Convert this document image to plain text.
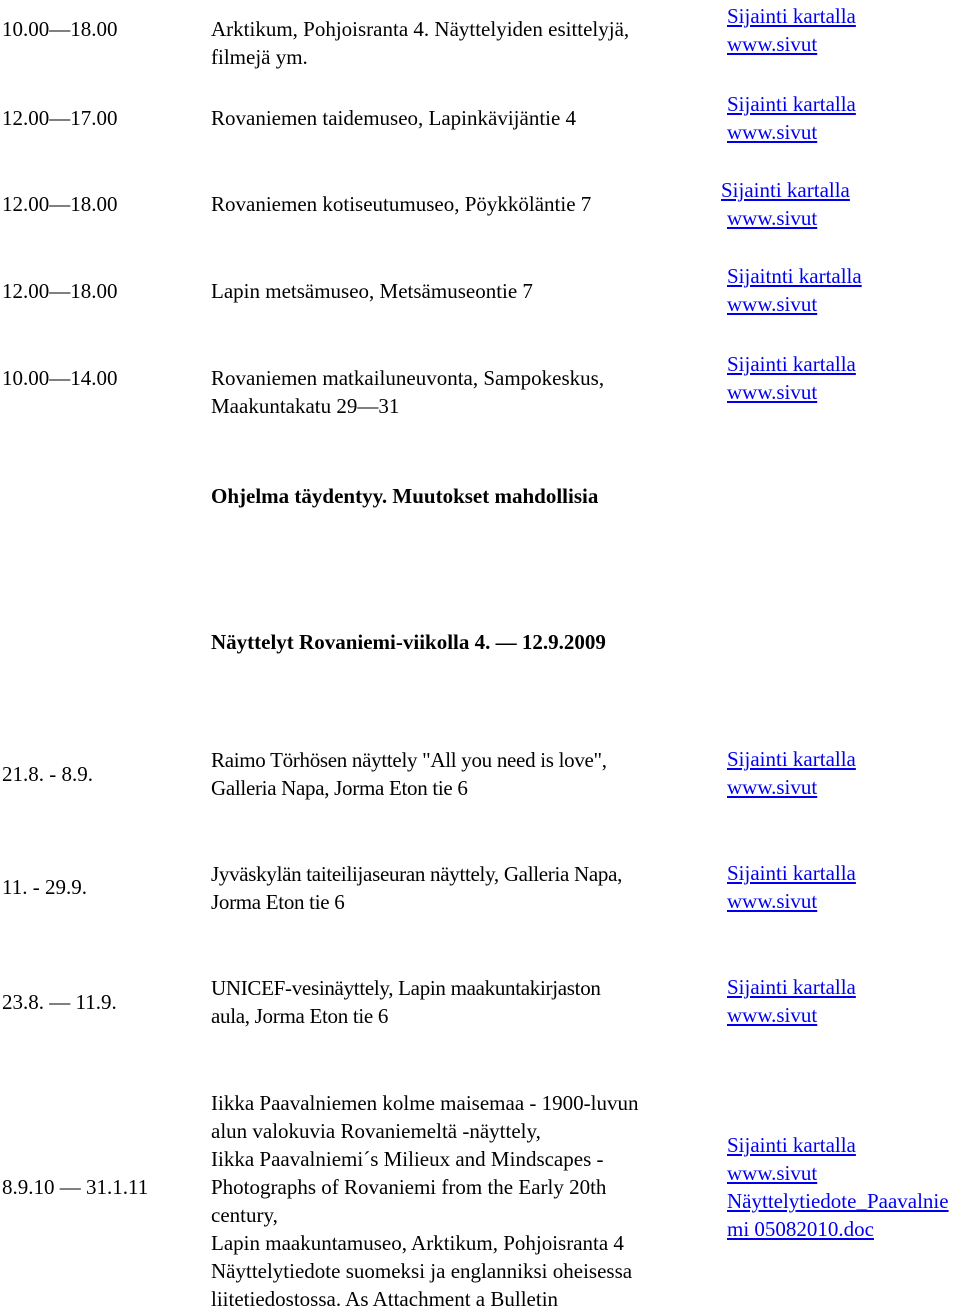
10.00—18.00	Arktikum, Pohjoisranta 4. Näyttelyiden esittelyjä,
filmejä ym.
Sijainti kartalla
www.sivut
12.00—17.00	Rovaniemen taidemuseo, Lapinkävijäntie 4
Sijainti kartalla
www.sivut
12.00—18.00	Rovaniemen kotiseutumuseo, Pöykköläntie 7
Sijainti kartalla
www.sivut
12.00—18.00	Lapin metsämuseo, Metsämuseontie 7
Sijaitnti kartalla
www.sivut
10.00—14.00	Rovaniemen matkailuneuvonta, Sampokeskus,
Maakuntakatu 29—31
Sijainti kartalla
www.sivut
Ohjelma täydentyy. Muutokset mahdollisia
Näyttelyt Rovaniemi-viikolla 4. — 12.9.2009
21.8. - 8.9.
Raimo Törhösen näyttely "All you need is love",
Galleria Napa, Jorma Eton tie 6
Sijainti kartalla
www.sivut
11. - 29.9.
Jyväskylän taiteilijaseuran näyttely, Galleria Napa,
Jorma Eton tie 6
Sijainti kartalla
www.sivut
23.8. — 11.9.
UNICEF-vesinäyttely, Lapin maakuntakirjaston
aula, Jorma Eton tie 6
Sijainti kartalla
www.sivut
8.9.10 — 31.1.11
Iikka Paavalniemen kolme maisemaa - 1900-luvun
alun valokuvia Rovaniemeltä -näyttely,
Iikka Paavalniemi´s Milieux and Mindscapes -
Photographs of Rovaniemi from the Early 20th
century,
Lapin maakuntamuseo, Arktikum, Pohjoisranta 4
Näyttelytiedote suomeksi ja englanniksi oheisessa
liitetiedostossa. As Attachment a Bulletin
Sijainti kartalla
www.sivut
Näyttelytiedote_Paavalniemi 05082010.doc
